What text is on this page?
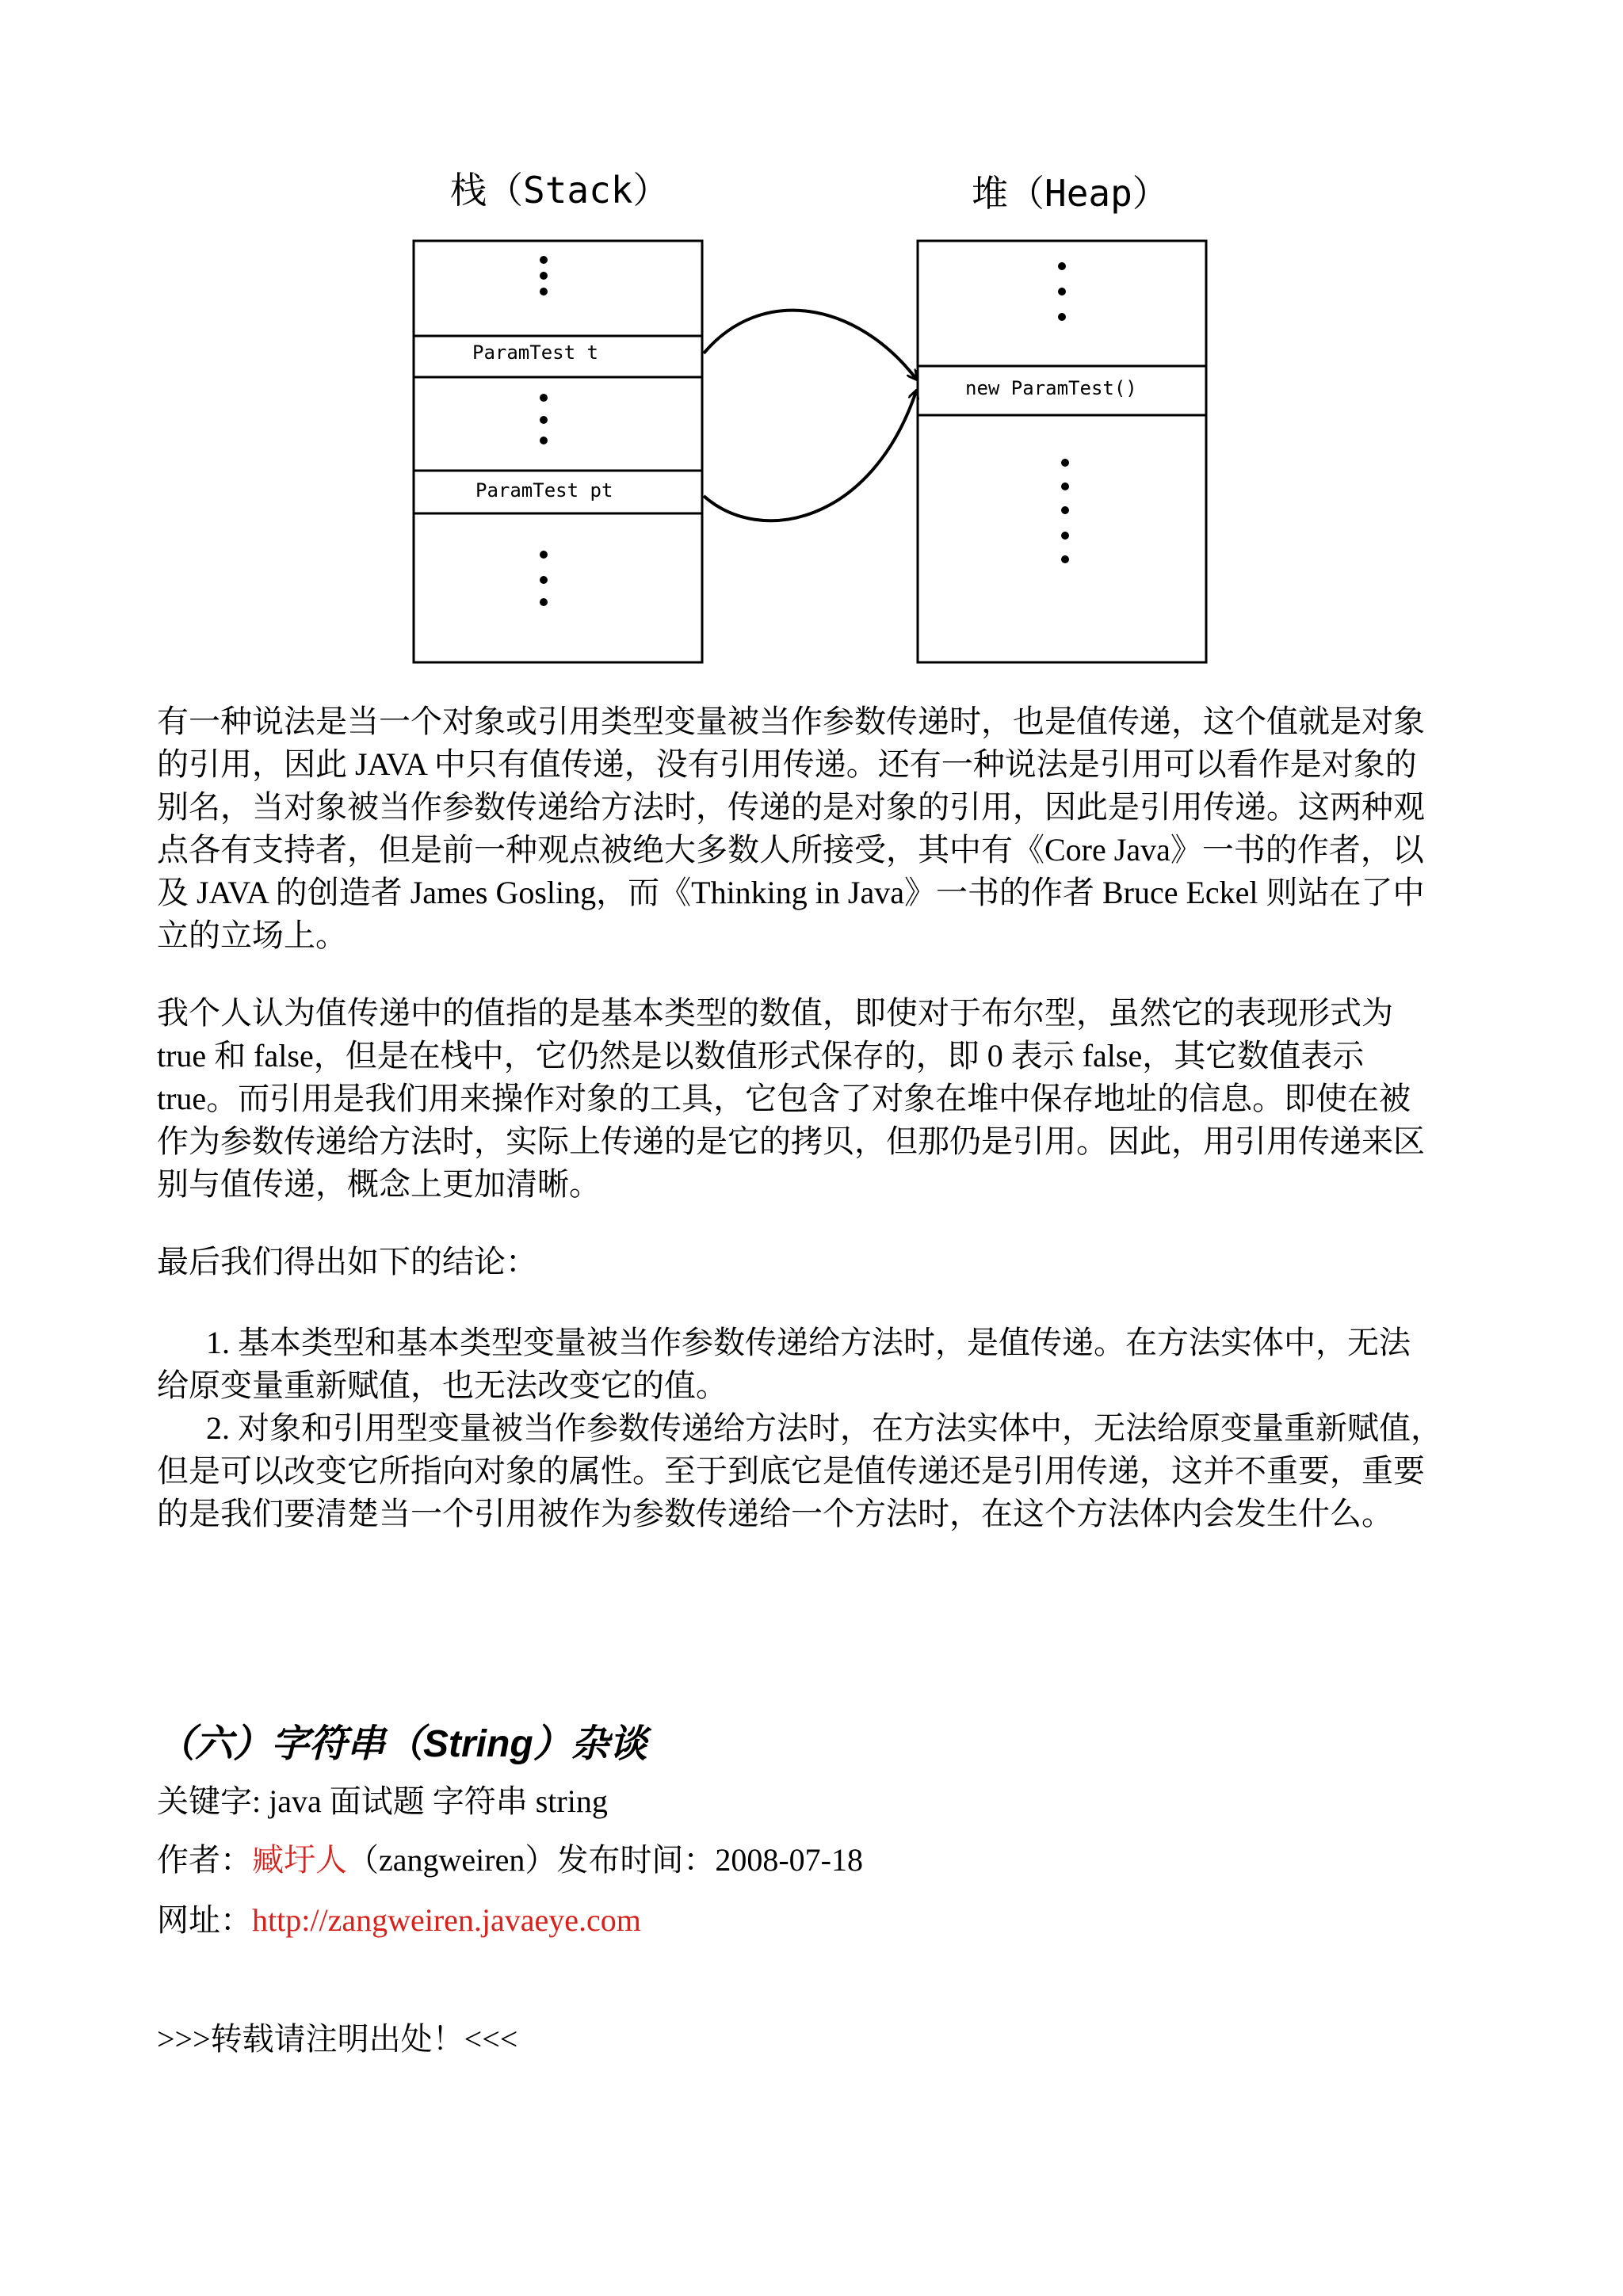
栈（Stack）	堆（Heap）
ParamTest t
ParamTest pt
new ParamTest()
有一种说法是当一个对象或引用类型变量被当作参数传递时，也是值传递，这个值就是对象
的引用，因此 JAVA 中只有值传递，没有引用传递。还有一种说法是引用可以看作是对象的
别名，当对象被当作参数传递给方法时，传递的是对象的引用，因此是引用传递。这两种观
点各有支持者，但是前一种观点被绝大多数人所接受，其中有《Core Java》一书的作者，以
及 JAVA 的创造者 James Gosling，而《Thinking in Java》一书的作者 Bruce Eckel 则站在了中
立的立场上。
我个人认为值传递中的值指的是基本类型的数值，即使对于布尔型，虽然它的表现形式为
true 和 false，但是在栈中，它仍然是以数值形式保存的，即 0 表示 false，其它数值表示
true。而引用是我们用来操作对象的工具，它包含了对象在堆中保存地址的信息。即使在被
作为参数传递给方法时，实际上传递的是它的拷贝，但那仍是引用。因此，用引用传递来区
别与值传递，概念上更加清晰。
最后我们得出如下的结论：
1. 基本类型和基本类型变量被当作参数传递给方法时，是值传递。在方法实体中，无法
给原变量重新赋值，也无法改变它的值。
2. 对象和引用型变量被当作参数传递给方法时，在方法实体中，无法给原变量重新赋值，
但是可以改变它所指向对象的属性。至于到底它是值传递还是引用传递，这并不重要，重要
的是我们要清楚当一个引用被作为参数传递给一个方法时，在这个方法体内会发生什么。
（六）字符串（String）杂谈
关键字: java 面试题 字符串 string
作者：臧圩人（zangweiren）发布时间：2008-07-18
网址：http://zangweiren.javaeye.com
>>>转载请注明出处！<<<
